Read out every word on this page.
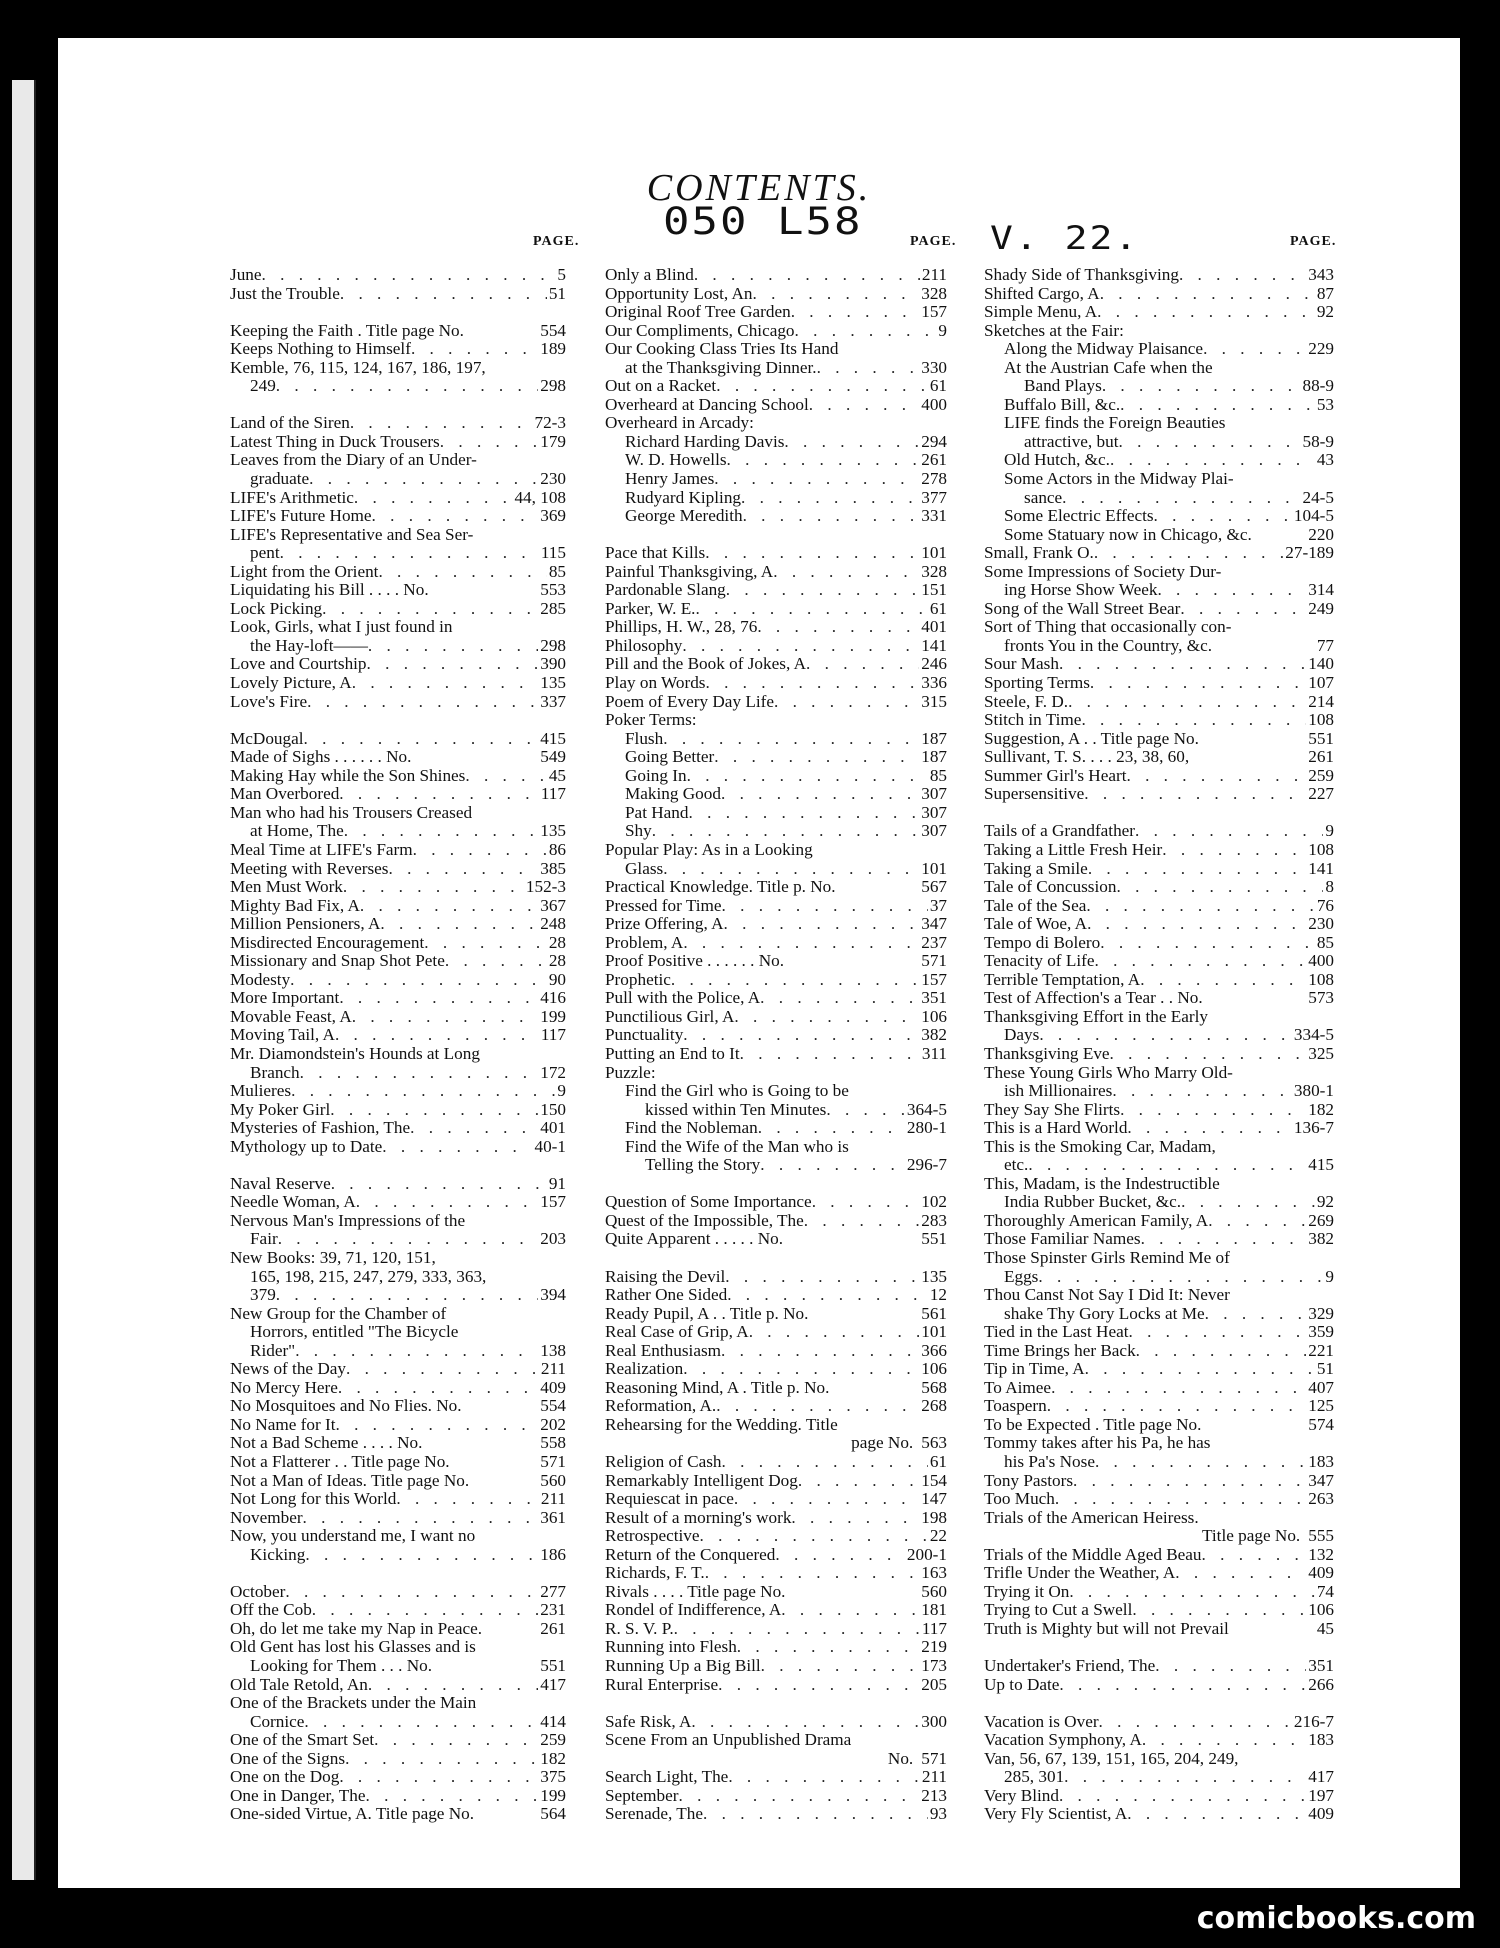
CONTENTS.
050 L58	V. 22.
PAGE.	PAGE.	PAGE.
June . . .	5
Just the Trouble . . .	51
Keeping the Faith . Title page No.	554
Keeps Nothing to Himself . . .	189
Kemble, 76, 115, 124, 167, 186, 197,
249 . . .	298
Land of the Siren . . .	72-3
Latest Thing in Duck Trousers . . .	179
Leaves from the Diary of an Under-
graduate . . .	230
LIFE's Arithmetic . . .	44, 108
LIFE's Future Home . . .	369
LIFE's Representative and Sea Ser-
pent . . .	115
Light from the Orient . . .	85
Liquidating his Bill . . . . No.	553
Lock Picking . . .	285
Look, Girls, what I just found in
the Hay-loft—— . . .	298
Love and Courtship . . .	390
Lovely Picture, A . . .	135
Love's Fire . . .	337
McDougal . . .	415
Made of Sighs . . . . . . No.	549
Making Hay while the Son Shines . . .	45
Man Overbored . . .	117
Man who had his Trousers Creased
at Home, The . . .	135
Meal Time at LIFE's Farm . . .	86
Meeting with Reverses . . .	385
Men Must Work . . .	152-3
Mighty Bad Fix, A . . .	367
Million Pensioners, A . . .	248
Misdirected Encouragement . . .	28
Missionary and Snap Shot Pete . . .	28
Modesty . . .	90
More Important . . .	416
Movable Feast, A . . .	199
Moving Tail, A . . .	117
Mr. Diamondstein's Hounds at Long
Branch . . .	172
Mulieres . . .	9
My Poker Girl . . .	150
Mysteries of Fashion, The . . .	401
Mythology up to Date . . .	40-1
Naval Reserve . . .	91
Needle Woman, A . . .	157
Nervous Man's Impressions of the
Fair . . .	203
New Books: 39, 71, 120, 151,
165, 198, 215, 247, 279, 333, 363,
379 . . .	394
New Group for the Chamber of
Horrors, entitled "The Bicycle
Rider" . . .	138
News of the Day . . .	211
No Mercy Here . . .	409
No Mosquitoes and No Flies. No.	554
No Name for It . . .	202
Not a Bad Scheme . . . . No.	558
Not a Flatterer . . Title page No.	571
Not a Man of Ideas. Title page No.	560
Not Long for this World . . .	211
November . . .	361
Now, you understand me, I want no
Kicking . . .	186
October . . .	277
Off the Cob . . .	231
Oh, do let me take my Nap in Peace.	261
Old Gent has lost his Glasses and is
Looking for Them . . . No.	551
Old Tale Retold, An . . .	417
One of the Brackets under the Main
Cornice . . .	414
One of the Smart Set . . .	259
One of the Signs . . .	182
One on the Dog . . .	375
One in Danger, The . . .	199
One-sided Virtue, A. Title page No.	564
Only a Blind . . .	211
Opportunity Lost, An . . .	328
Original Roof Tree Garden . . .	157
Our Compliments, Chicago . . .	9
Our Cooking Class Tries Its Hand
at the Thanksgiving Dinner. . . .	330
Out on a Racket . . .	61
Overheard at Dancing School . . .	400
Overheard in Arcady:
Richard Harding Davis . . .	294
W. D. Howells . . .	261
Henry James . . .	278
Rudyard Kipling . . .	377
George Meredith . . .	331
Pace that Kills . . .	101
Painful Thanksgiving, A . . .	328
Pardonable Slang . . .	151
Parker, W. E. . . .	61
Phillips, H. W., 28, 76 . . .	401
Philosophy . . .	141
Pill and the Book of Jokes, A . . .	246
Play on Words . . .	336
Poem of Every Day Life . . .	315
Poker Terms:
Flush . . .	187
Going Better . . .	187
Going In . . .	85
Making Good . . .	307
Pat Hand . . .	307
Shy . . .	307
Popular Play: As in a Looking
Glass . . .	101
Practical Knowledge. Title p. No.	567
Pressed for Time . . .	37
Prize Offering, A . . .	347
Problem, A . . .	237
Proof Positive . . . . . . No.	571
Prophetic . . .	157
Pull with the Police, A . . .	351
Punctilious Girl, A . . .	106
Punctuality . . .	382
Putting an End to It . . .	311
Puzzle:
Find the Girl who is Going to be
kissed within Ten Minutes . . .	364-5
Find the Nobleman . . .	280-1
Find the Wife of the Man who is
Telling the Story . . .	296-7
Question of Some Importance . . .	102
Quest of the Impossible, The . . .	283
Quite Apparent . . . . . No.	551
Raising the Devil . . .	135
Rather One Sided . . .	12
Ready Pupil, A . . Title p. No.	561
Real Case of Grip, A . . .	101
Real Enthusiasm . . .	366
Realization . . .	106
Reasoning Mind, A . Title p. No.	568
Reformation, A. . . .	268
Rehearsing for the Wedding. Title
page No. 563
Religion of Cash . . .	61
Remarkably Intelligent Dog . . .	154
Requiescat in pace . . .	147
Result of a morning's work . . .	198
Retrospective . . .	22
Return of the Conquered . . .	200-1
Richards, F. T. . . .	163
Rivals . . . . Title page No.	560
Rondel of Indifference, A . . .	181
R. S. V. P. . . .	117
Running into Flesh . . .	219
Running Up a Big Bill . . .	173
Rural Enterprise . . .	205
Safe Risk, A . . .	300
Scene From an Unpublished Drama
No. 571
Search Light, The . . .	211
September . . .	213
Serenade, The . . .	93
Shady Side of Thanksgiving . . .	343
Shifted Cargo, A . . .	87
Simple Menu, A . . .	92
Sketches at the Fair:
Along the Midway Plaisance . . .	229
At the Austrian Cafe when the
Band Plays . . .	88-9
Buffalo Bill, &c. . . .	53
LIFE finds the Foreign Beauties
attractive, but . . .	58-9
Old Hutch, &c. . . .	43
Some Actors in the Midway Plai-
sance . . .	24-5
Some Electric Effects . . .	104-5
Some Statuary now in Chicago, &c.	220
Small, Frank O. . . .	27-189
Some Impressions of Society Dur-
ing Horse Show Week . . .	314
Song of the Wall Street Bear . . .	249
Sort of Thing that occasionally con-
fronts You in the Country, &c.	77
Sour Mash . . .	140
Sporting Terms . . .	107
Steele, F. D. . . .	214
Stitch in Time . . .	108
Suggestion, A . . Title page No.	551
Sullivant, T. S. . . . 23, 38, 60,	261
Summer Girl's Heart . . .	259
Supersensitive . . .	227
Tails of a Grandfather . . .	9
Taking a Little Fresh Heir . . .	108
Taking a Smile . . .	141
Tale of Concussion . . .	8
Tale of the Sea . . .	76
Tale of Woe, A . . .	230
Tempo di Bolero . . .	85
Tenacity of Life . . .	400
Terrible Temptation, A . . .	108
Test of Affection's a Tear . . No.	573
Thanksgiving Effort in the Early
Days . . .	334-5
Thanksgiving Eve . . .	325
These Young Girls Who Marry Old-
ish Millionaires . . .	380-1
They Say She Flirts . . .	182
This is a Hard World . . .	136-7
This is the Smoking Car, Madam,
etc. . . .	415
This, Madam, is the Indestructible
India Rubber Bucket, &c. . . .	92
Thoroughly American Family, A . . .	269
Those Familiar Names . . .	382
Those Spinster Girls Remind Me of
Eggs . . .	9
Thou Canst Not Say I Did It: Never
shake Thy Gory Locks at Me . . .	329
Tied in the Last Heat . . .	359
Time Brings her Back . . .	221
Tip in Time, A . . .	51
To Aimee . . .	407
Toaspern . . .	125
To be Expected . Title page No.	574
Tommy takes after his Pa, he has
his Pa's Nose . . .	183
Tony Pastors . . .	347
Too Much . . .	263
Trials of the American Heiress.
Title page No. 555
Trials of the Middle Aged Beau . . .	132
Trifle Under the Weather, A . . .	409
Trying it On . . .	74
Trying to Cut a Swell . . .	106
Truth is Mighty but will not Prevail	45
Undertaker's Friend, The . . .	351
Up to Date . . .	266
Vacation is Over . . .	216-7
Vacation Symphony, A . . .	183
Van, 56, 67, 139, 151, 165, 204, 249,
285, 301 . . .	417
Very Blind . . .	197
Very Fly Scientist, A . . .	409
comicbooks.com
